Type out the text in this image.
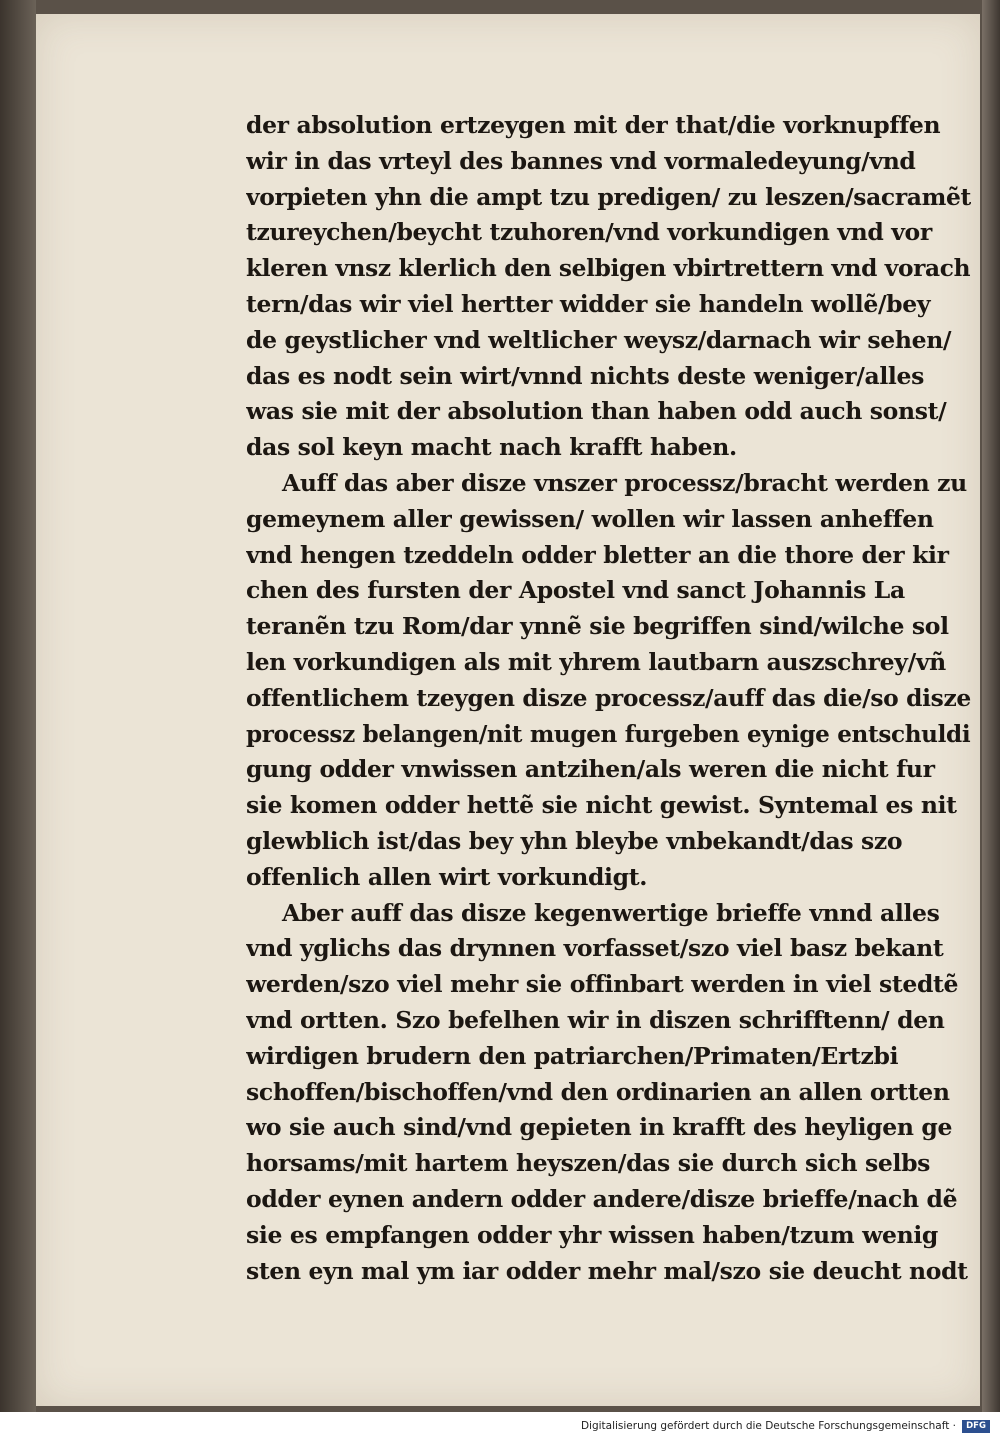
der absolution ertzeygen mit der that/die vorknupffen
wir in das vrteyl des bannes vnd vormaledeyung/vnd
vorpieten yhn die ampt tzu predigen/ zu leszen/sacramẽt
tzureychen/beycht tzuhoren/vnd vorkundigen vnd vor
kleren vnsz klerlich den selbigen vbirtrettern vnd vorach
tern/das wir viel hertter widder sie handeln wollẽ/bey
de geystlicher vnd weltlicher weysz/darnach wir sehen/
das es nodt sein wirt/vnnd nichts deste weniger/alles
was sie mit der absolution than haben odd auch sonst/
das sol keyn macht nach krafft haben.
Auff das aber disze vnszer processz/bracht werden zu
gemeynem aller gewissen/ wollen wir lassen anheffen
vnd hengen tzeddeln odder bletter an die thore der kir
chen des fursten der Apostel vnd sanct Johannis La
teranẽn tzu Rom/dar ynnẽ sie begriffen sind/wilche sol
len vorkundigen als mit yhrem lautbarn auszschrey/vñ
offentlichem tzeygen disze processz/auff das die/so disze
processz belangen/nit mugen furgeben eynige entschuldi
gung odder vnwissen antzihen/als weren die nicht fur
sie komen odder hettẽ sie nicht gewist. Syntemal es nit
glewblich ist/das bey yhn bleybe vnbekandt/das szo
offenlich allen wirt vorkundigt.
Aber auff das disze kegenwertige brieffe vnnd alles
vnd yglichs das drynnen vorfasset/szo viel basz bekant
werden/szo viel mehr sie offinbart werden in viel stedtẽ
vnd ortten. Szo befelhen wir in diszen schrifftenn/ den
wirdigen brudern den patriarchen/Primaten/Ertzbi
schoffen/bischoffen/vnd den ordinarien an allen ortten
wo sie auch sind/vnd gepieten in krafft des heyligen ge
horsams/mit hartem heyszen/das sie durch sich selbs
odder eynen andern odder andere/disze brieffe/nach dẽ
sie es empfangen odder yhr wissen haben/tzum wenig
sten eyn mal ym iar odder mehr mal/szo sie deucht nodt
Digitalisierung gefördert durch die Deutsche Forschungsgemeinschaft ·	DFG
